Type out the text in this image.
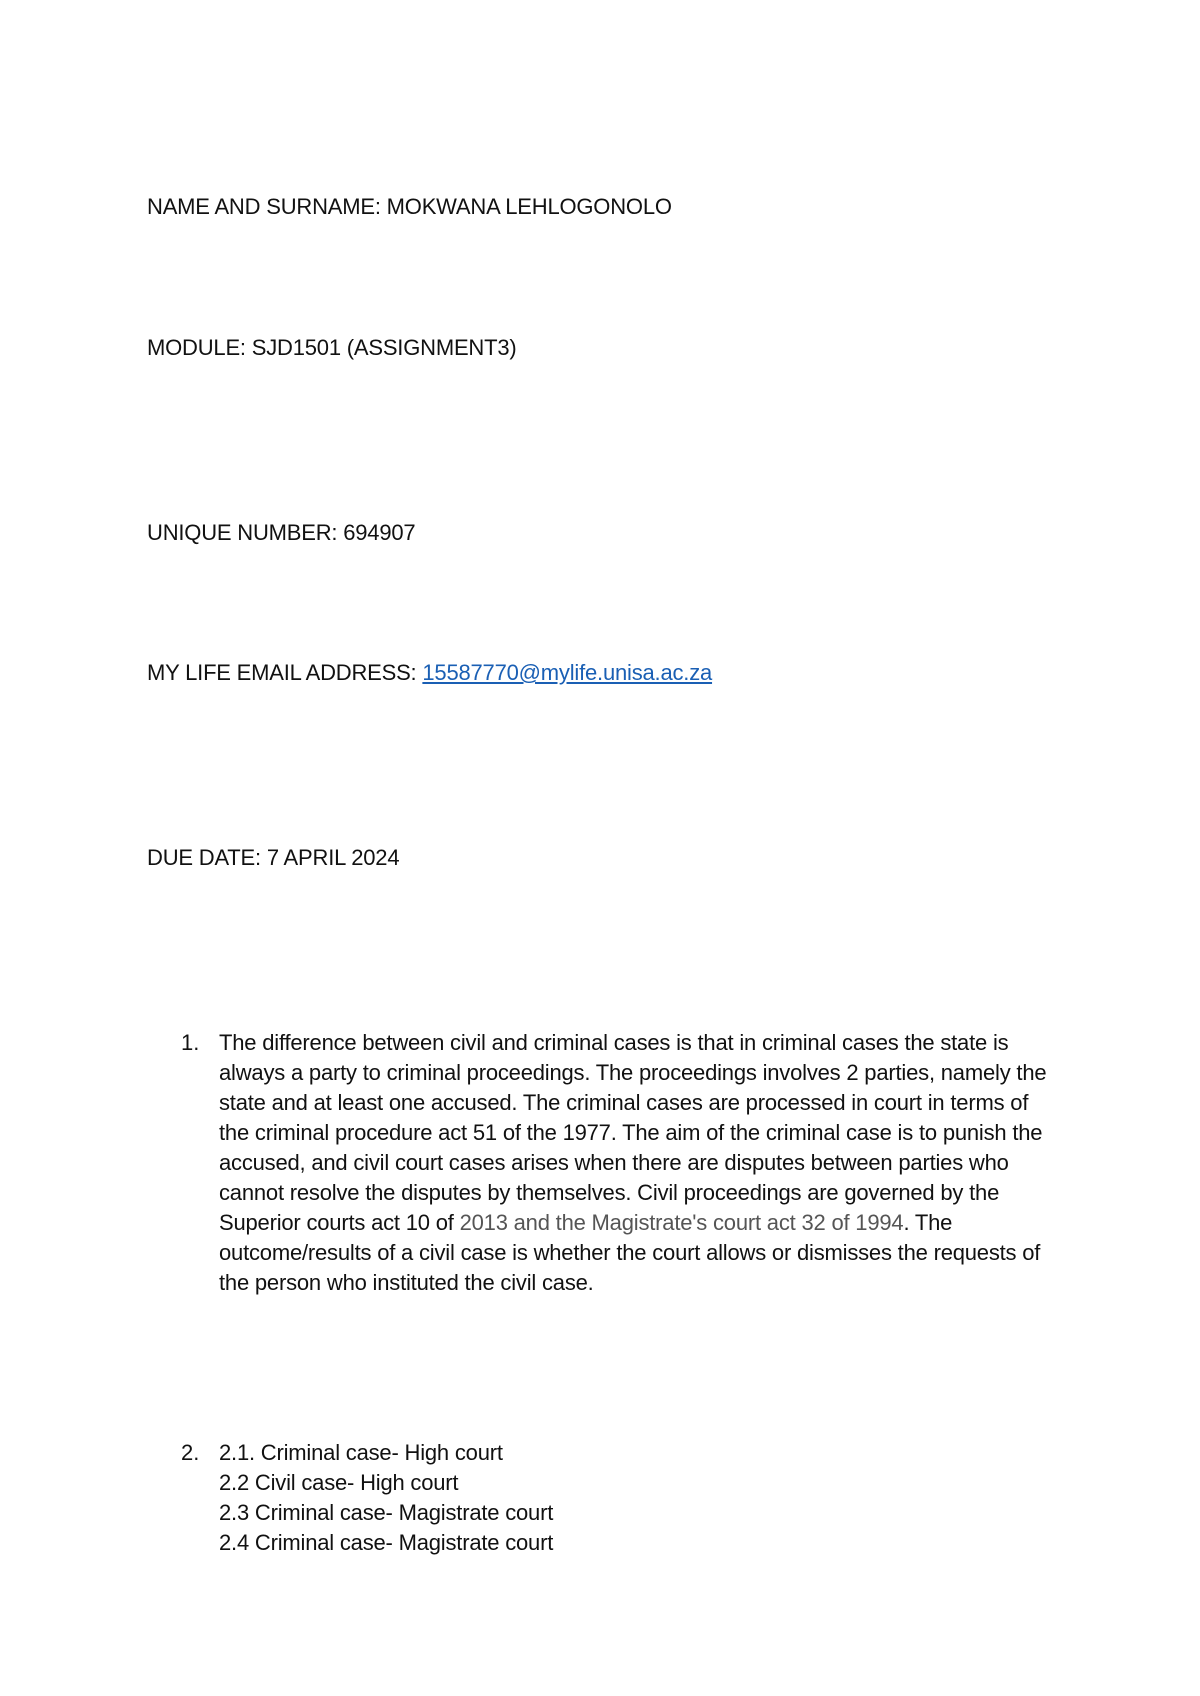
NAME AND SURNAME: MOKWANA LEHLOGONOLO
MODULE: SJD1501 (ASSIGNMENT3)
UNIQUE NUMBER: 694907
MY LIFE EMAIL ADDRESS: 15587770@mylife.unisa.ac.za
DUE DATE: 7 APRIL 2024
1. The difference between civil and criminal cases is that in criminal cases the state is always a party to criminal proceedings. The proceedings involves 2 parties, namely the state and at least one accused. The criminal cases are processed in court in terms of the criminal procedure act 51 of the 1977. The aim of the criminal case is to punish the accused, and civil court cases arises when there are disputes between parties who cannot resolve the disputes by themselves. Civil proceedings are governed by the Superior courts act 10 of 2013 and the Magistrate's court act 32 of 1994. The outcome/results of a civil case is whether the court allows or dismisses the requests of the person who instituted the civil case.
2. 2.1. Criminal case- High court
2.2 Civil case- High court
2.3 Criminal case- Magistrate court
2.4 Criminal case- Magistrate court
